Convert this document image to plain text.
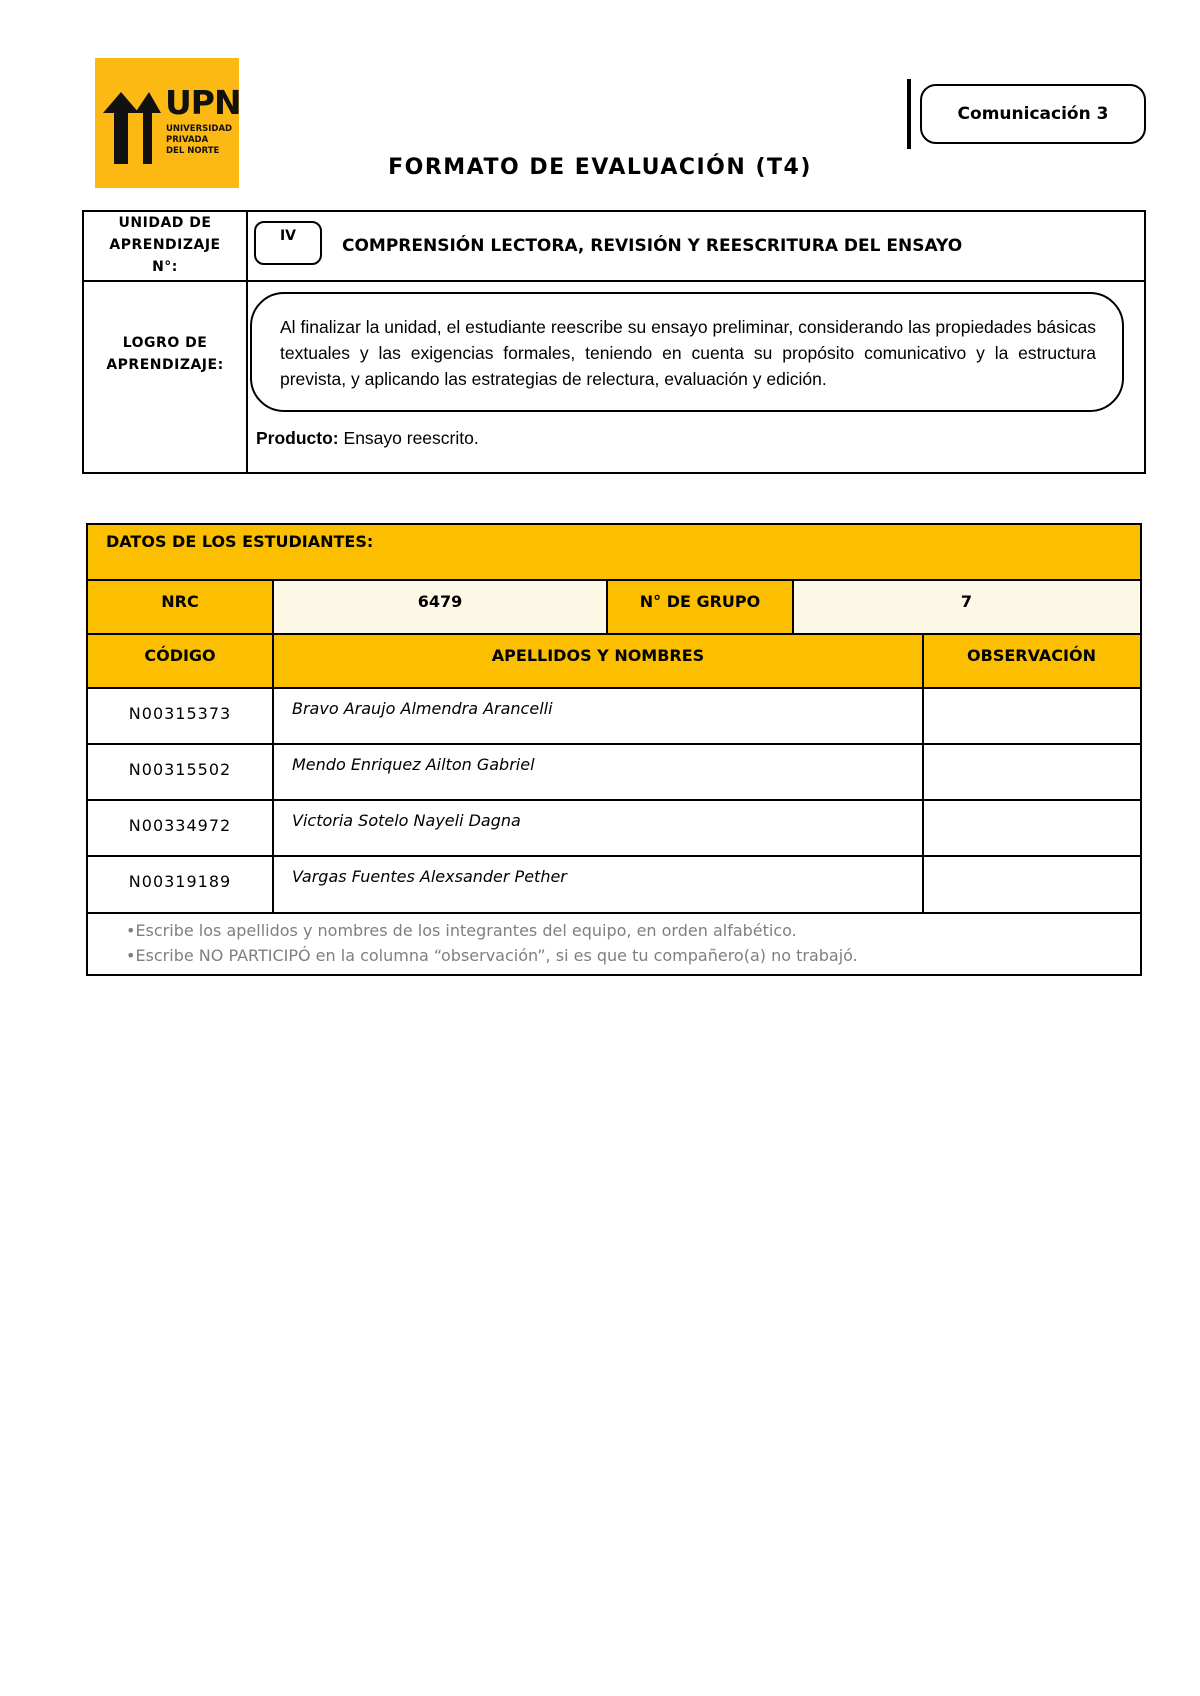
UPN
UNIVERSIDAD
PRIVADA
DEL NORTE
Comunicación 3
FORMATO DE EVALUACIÓN (T4)
UNIDAD DE
APRENDIZAJE
N°:
IV	COMPRENSIÓN LECTORA, REVISIÓN Y REESCRITURA DEL ENSAYO
LOGRO DE
APRENDIZAJE:
Al finalizar la unidad, el estudiante reescribe su ensayo preliminar, considerando las propiedades básicas textuales y las exigencias formales, teniendo en cuenta su propósito comunicativo y la estructura prevista, y aplicando las estrategias de relectura, evaluación y edición.
Producto: Ensayo reescrito.
DATOS DE LOS ESTUDIANTES:
NRC	6479	N° DE GRUPO	7
CÓDIGO	APELLIDOS Y NOMBRES	OBSERVACIÓN
N00315373	Bravo Araujo Almendra Arancelli
N00315502	Mendo Enriquez Ailton Gabriel
N00334972	Victoria Sotelo Nayeli Dagna
N00319189	Vargas Fuentes Alexsander Pether
• Escribe los apellidos y nombres de los integrantes del equipo, en orden alfabético.
• Escribe NO PARTICIPÓ en la columna “observación”, si es que tu compañero(a) no trabajó.
